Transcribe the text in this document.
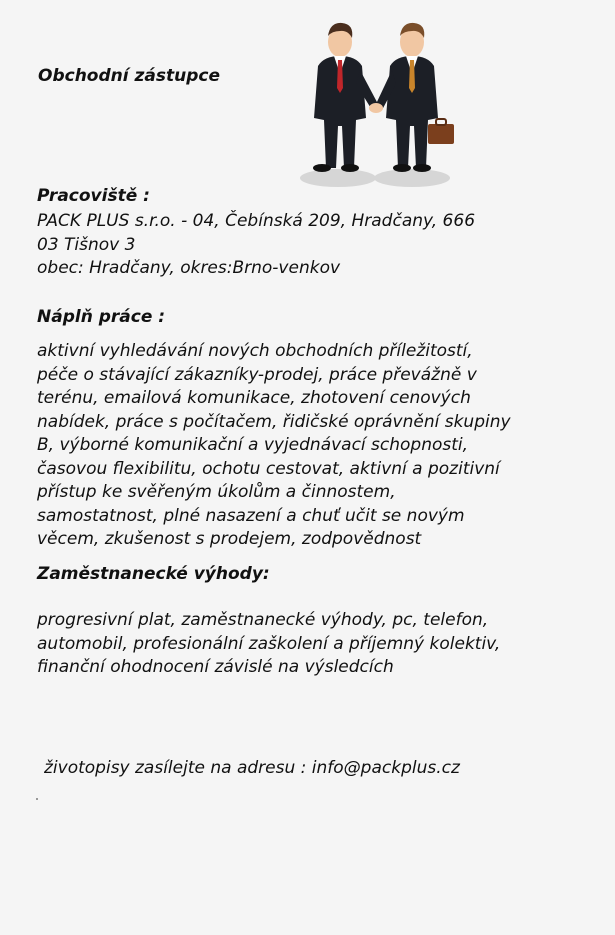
Obchodní zástupce
Pracoviště :

PACK PLUS s.r.o. - 04, Čebínská 209, Hradčany, 666
03 Tišnov 3
obec: Hradčany, okres:Brno-venkov

Náplň práce :

aktivní vyhledávání nových obchodních příležitostí,
péče o stávající zákazníky-prodej, práce převážně v
terénu, emailová komunikace, zhotovení cenových
nabídek, práce s počítačem, řidičské oprávnění skupiny
B, výborné komunikační a vyjednávací schopnosti,
časovou flexibilitu, ochotu cestovat, aktivní a pozitivní
přístup ke svěřeným úkolům a činnostem,
samostatnost, plné nasazení a chuť učit se novým
věcem, zkušenost s prodejem, zodpovědnost

Zaměstnanecké výhody:

progresivní plat, zaměstnanecké výhody, pc, telefon,
automobil, profesionální zaškolení a příjemný kolektiv,
finanční ohodnocení závislé na výsledcích

životopisy zasílejte na adresu : info@packplus.cz
